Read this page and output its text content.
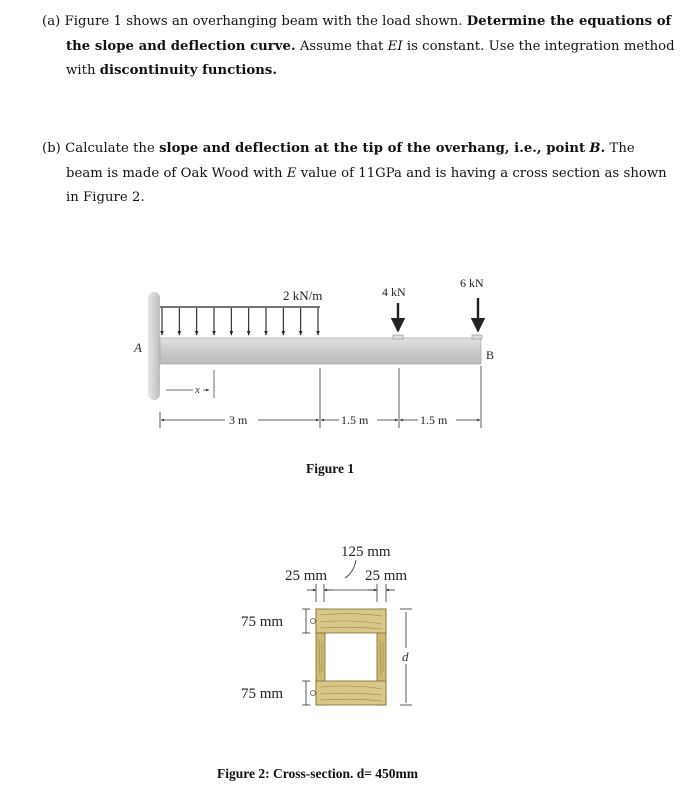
(a) Figure 1 shows an overhanging beam with the load shown. Determine the equations of
the slope and deflection curve. Assume that EI is constant. Use the integration method
with discontinuity functions.
(b) Calculate the slope and deflection at the tip of the overhang, i.e., point B. The
beam is made of Oak Wood with E value of 11GPa and is having a cross section as shown
in Figure 2.
A	B
2 kN/m	4 kN
6 kN
x
3 m	1.5 m	1.5 m
125 mm
25 mm	25 mm
75 mm
75 mm
d
Figure 1
Figure 2: Cross-section. d= 450mm
